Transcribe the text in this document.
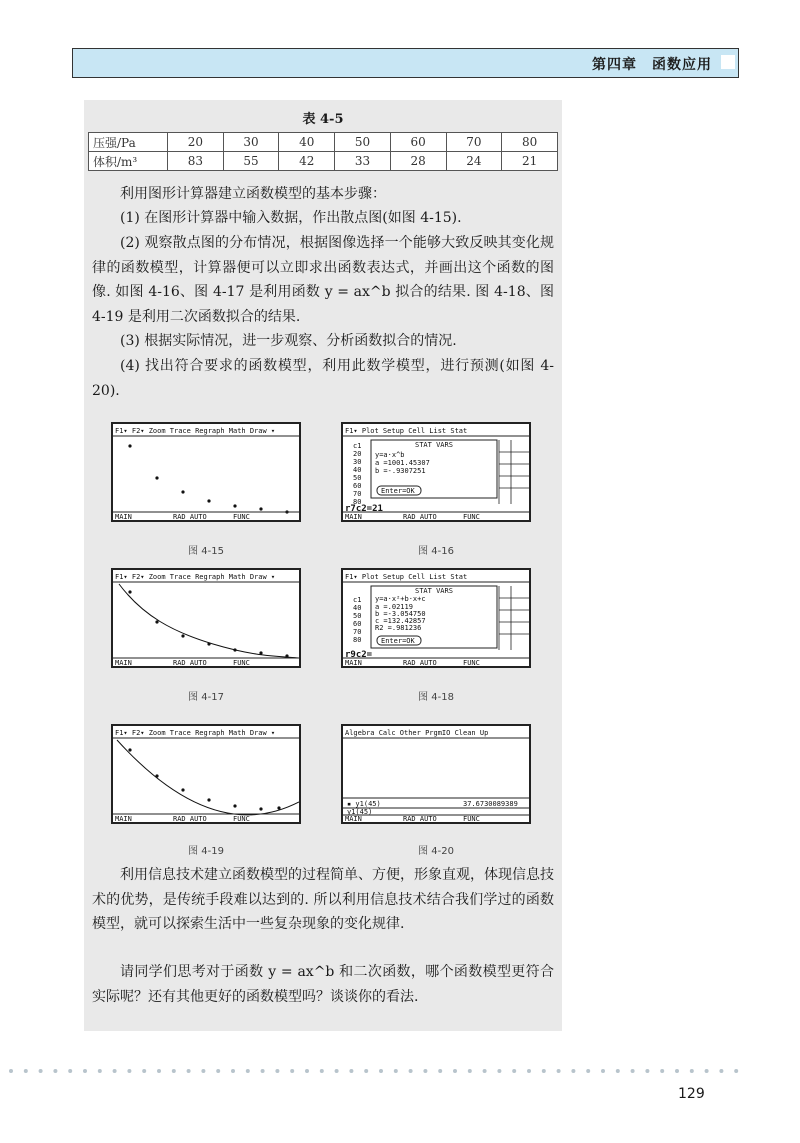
第四章　函数应用
表 4-5
压强/Pa	20	30	40	50	60	70	80
体积/m³	83	55	42	33	28	24	21

利用图形计算器建立函数模型的基本步骤：

(1) 在图形计算器中输入数据，作出散点图(如图 4-15).

(2) 观察散点图的分布情况，根据图像选择一个能够大致反映其变化规律的函数模型，计算器便可以立即求出函数表达式，并画出这个函数的图像. 如图 4-16、图 4-17 是利用函数 y = ax^b 拟合的结果. 图 4-18、图 4-19 是利用二次函数拟合的结果.

(3) 根据实际情况，进一步观察、分析函数拟合的情况.

(4) 找出符合要求的函数模型，利用此数学模型，进行预测(如图 4-20).

利用信息技术建立函数模型的过程简单、方便，形象直观，体现信息技术的优势，是传统手段难以达到的. 所以利用信息技术结合我们学过的函数模型，就可以探索生活中一些复杂现象的变化规律.

请同学们思考对于函数 y = ax^b 和二次函数，哪个函数模型更符合实际呢？还有其他更好的函数模型吗？谈谈你的看法.

F1▾ F2▾ Zoom Trace Regraph Math Draw ▾
MAIN	RAD AUTO	FUNC
图 4-15
F1▾ Plot Setup Cell List Stat
c1
20
30
40
50
60
70
80
STAT VARS
y=a·x^b
a =1001.45307
b =-.9307251
Enter=OK
r7c2=21
MAIN	RAD AUTO	FUNC
图 4-16
F1▾ F2▾ Zoom Trace Regraph Math Draw ▾
MAIN	RAD AUTO	FUNC
图 4-17
F1▾ Plot Setup Cell List Stat
c1
40
50
60
70
80
STAT VARS
y=a·x²+b·x+c
a =.02119
b =-3.054750
c =132.42857
R2 =.981236
Enter=OK
r9c2=
MAIN	RAD AUTO	FUNC
图 4-18
F1▾ F2▾ Zoom Trace Regraph Math Draw ▾
MAIN	RAD AUTO	FUNC
图 4-19
Algebra Calc Other PrgmIO Clean Up
▪ y1(45)	37.6730089389
y1(45)
MAIN	RAD AUTO	FUNC
图 4-20
129
